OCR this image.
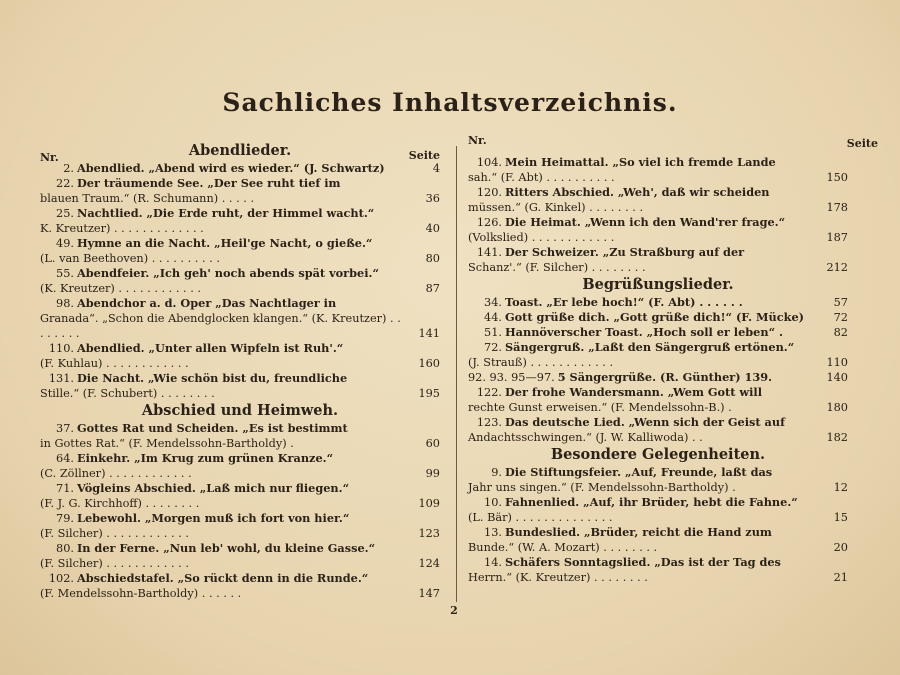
Sachliches Inhaltsverzeichnis.
Nr.	Seite
Abendlieder.
2. Abendlied. „Abend wird es wieder.“ (J. Schwartz)	4
22. Der träumende See. „Der See ruht tief im
blauen Traum.“ (R. Schumann) . . . . .	36
25. Nachtlied. „Die Erde ruht, der Himmel wacht.“
K. Kreutzer) . . . . . . . . . . . . .	40
49. Hymne an die Nacht. „Heil'ge Nacht, o gieße.“
(L. van Beethoven) . . . . . . . . . .	80
55. Abendfeier. „Ich geh' noch abends spät vorbei.“
(K. Kreutzer) . . . . . . . . . . . .	87
98. Abendchor a. d. Oper „Das Nachtlager in
Granada“. „Schon die Abendglocken klangen.“ (K. Kreutzer) . . . . . . . .	141
110. Abendlied. „Unter allen Wipfeln ist Ruh'.“
(F. Kuhlau) . . . . . . . . . . . .	160
131. Die Nacht. „Wie schön bist du, freundliche
Stille.“ (F. Schubert) . . . . . . . .	195
Abschied und Heimweh.
37. Gottes Rat und Scheiden. „Es ist bestimmt
in Gottes Rat.“ (F. Mendelssohn-Bartholdy) .	60
64. Einkehr. „Im Krug zum grünen Kranze.“
(C. Zöllner) . . . . . . . . . . . .	99
71. Vögleins Abschied. „Laß mich nur fliegen.“
(F. J. G. Kirchhoff) . . . . . . . .	109
79. Lebewohl. „Morgen muß ich fort von hier.“
(F. Silcher) . . . . . . . . . . . .	123
80. In der Ferne. „Nun leb' wohl, du kleine Gasse.“
(F. Silcher) . . . . . . . . . . . .	124
102. Abschiedstafel. „So rückt denn in die Runde.“
(F. Mendelssohn-Bartholdy) . . . . . .	147
Nr.	Seite
104. Mein Heimattal. „So viel ich fremde Lande
sah.“ (F. Abt) . . . . . . . . . .	150
120. Ritters Abschied. „Weh', daß wir scheiden
müssen.“ (G. Kinkel) . . . . . . . .	178
126. Die Heimat. „Wenn ich den Wand'rer frage.“
(Volkslied) . . . . . . . . . . . .	187
141. Der Schweizer. „Zu Straßburg auf der
Schanz'.“ (F. Silcher) . . . . . . . .	212
Begrüßungslieder.
34. Toast. „Er lebe hoch!“ (F. Abt) . . . . . .	57
44. Gott grüße dich. „Gott grüße dich!“ (F. Mücke)	72
51. Hannöverscher Toast. „Hoch soll er leben“ .	82
72. Sängergruß. „Laßt den Sängergruß ertönen.“
(J. Strauß) . . . . . . . . . . . .	110
92. 93. 95—97. 5 Sängergrüße. (R. Günther) 139.	140
122. Der frohe Wandersmann. „Wem Gott will
rechte Gunst erweisen.“ (F. Mendelssohn-B.) .	180
123. Das deutsche Lied. „Wenn sich der Geist auf
Andachtsschwingen.“ (J. W. Kalliwoda) . .	182
Besondere Gelegenheiten.
9. Die Stiftungsfeier. „Auf, Freunde, laßt das
Jahr uns singen.“ (F. Mendelssohn-Bartholdy) .	12
10. Fahnenlied. „Auf, ihr Brüder, hebt die Fahne.“
(L. Bär) . . . . . . . . . . . . . .	15
13. Bundeslied. „Brüder, reicht die Hand zum
Bunde.“ (W. A. Mozart) . . . . . . . .	20
14. Schäfers Sonntagslied. „Das ist der Tag des
Herrn.“ (K. Kreutzer) . . . . . . . .	21
2
